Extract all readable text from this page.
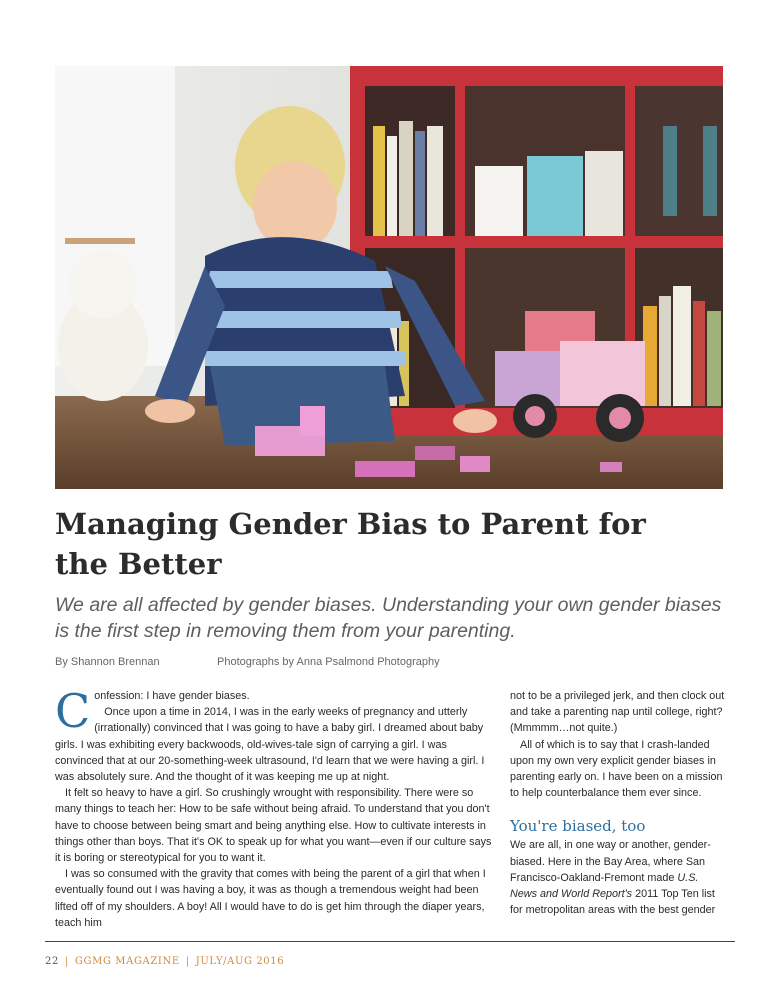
Managing Gender Bias to Parent for the Better

We are all affected by gender biases. Understanding your own gender biases is the first step in removing them from your parenting.

By Shannon Brennan	Photographs by Anna Psalmond Photography

Confession: I have gender biases.

Once upon a time in 2014, I was in the early weeks of pregnancy and utterly (irrationally) convinced that I was going to have a baby girl. I dreamed about baby girls. I was exhibiting every backwoods, old-wives-tale sign of carrying a girl. I was convinced that at our 20-something-week ultrasound, I'd learn that we were having a girl. I was absolutely sure. And the thought of it was keeping me up at night.

It felt so heavy to have a girl. So crushingly wrought with responsibility. There were so many things to teach her: How to be safe without being afraid. To understand that you don't have to choose between being smart and being anything else. How to cultivate interests in things other than boys. That it's OK to speak up for what you want—even if our culture says it is boring or stereotypical for you to want it.

I was so consumed with the gravity that comes with being the parent of a girl that when I eventually found out I was having a boy, it was as though a tremendous weight had been lifted off of my shoulders. A boy! All I would have to do is get him through the diaper years, teach him

not to be a privileged jerk, and then clock out and take a parenting nap until college, right? (Mmmmm…not quite.)

All of which is to say that I crash-landed upon my own very explicit gender biases in parenting early on. I have been on a mission to help counterbalance them ever since.

You're biased, too

We are all, in one way or another, gender-biased. Here in the Bay Area, where San Francisco-Oakland-Fremont made U.S. News and World Report's 2011 Top Ten list for metropolitan areas with the best gender

22 | GGMG MAGAZINE | JULY/AUG 2016
